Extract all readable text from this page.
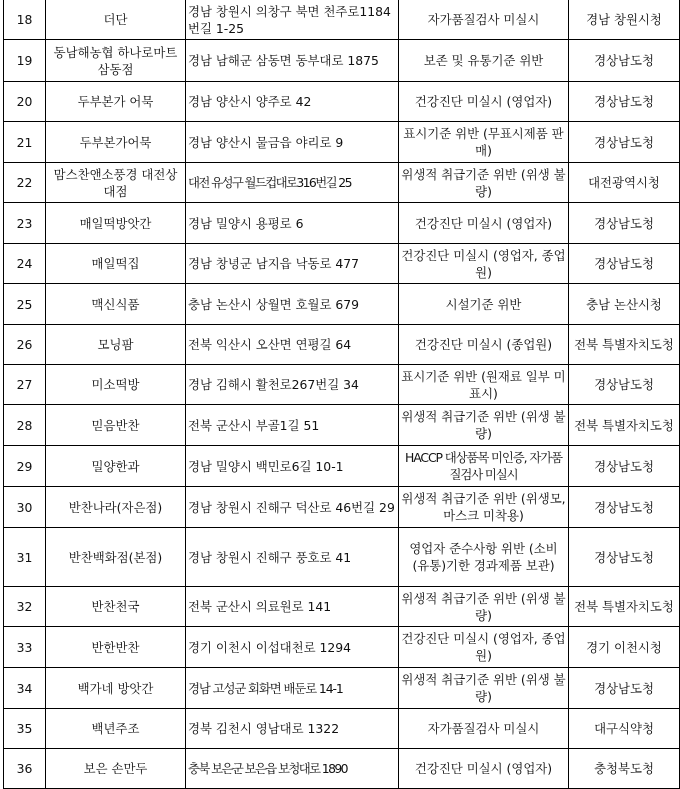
18	더단	경남 창원시 의창구 북면 천주로1184번길 1-25	자가품질검사 미실시	경남 창원시청
19	동남해농협 하나로마트삼동점	경남 남해군 삼동면 동부대로 1875	보존 및 유통기준 위반	경상남도청
20	두부본가 어묵	경남 양산시 양주로 42	건강진단 미실시 (영업자)	경상남도청
21	두부본가어묵	경남 양산시 물금읍 야리로 9	표시기준 위반 (무표시제품 판매)	경상남도청
22	맘스찬앤소풍경 대전상대점	대전 유성구 월드컵대로316번길 25	위생적 취급기준 위반 (위생 불량)	대전광역시청
23	매일떡방앗간	경남 밀양시 용평로 6	건강진단 미실시 (영업자)	경상남도청
24	매일떡집	경남 창녕군 남지읍 낙동로 477	건강진단 미실시 (영업자, 종업원)	경상남도청
25	맥신식품	충남 논산시 상월면 호월로 679	시설기준 위반	충남 논산시청
26	모닝팜	전북 익산시 오산면 연평길 64	건강진단 미실시 (종업원)	전북 특별자치도청
27	미소떡방	경남 김해시 활천로267번길 34	표시기준 위반 (원재료 일부 미표시)	경상남도청
28	믿음반찬	전북 군산시 부골1길 51	위생적 취급기준 위반 (위생 불량)	전북 특별자치도청
29	밀양한과	경남 밀양시 백민로6길 10-1	HACCP 대상품목 미인증, 자가품질검사 미실시	경상남도청
30	반찬나라(자은점)	경남 창원시 진해구 덕산로 46번길 29	위생적 취급기준 위반 (위생모, 마스크 미착용)	경상남도청
31	반찬백화점(본점)	경남 창원시 진해구 풍호로 41	영업자 준수사항 위반 (소비(유통)기한 경과제품 보관)	경상남도청
32	반찬천국	전북 군산시 의료원로 141	위생적 취급기준 위반 (위생 불량)	전북 특별자치도청
33	반한반찬	경기 이천시 이섭대천로 1294	건강진단 미실시 (영업자, 종업원)	경기 이천시청
34	백가네 방앗간	경남 고성군 회화면 배둔로 14-1	위생적 취급기준 위반 (위생 불량)	경상남도청
35	백년주조	경북 김천시 영남대로 1322	자가품질검사 미실시	대구식약청
36	보은 손만두	충북 보은군 보은읍 보청대로 1890	건강진단 미실시 (영업자)	충청북도청
